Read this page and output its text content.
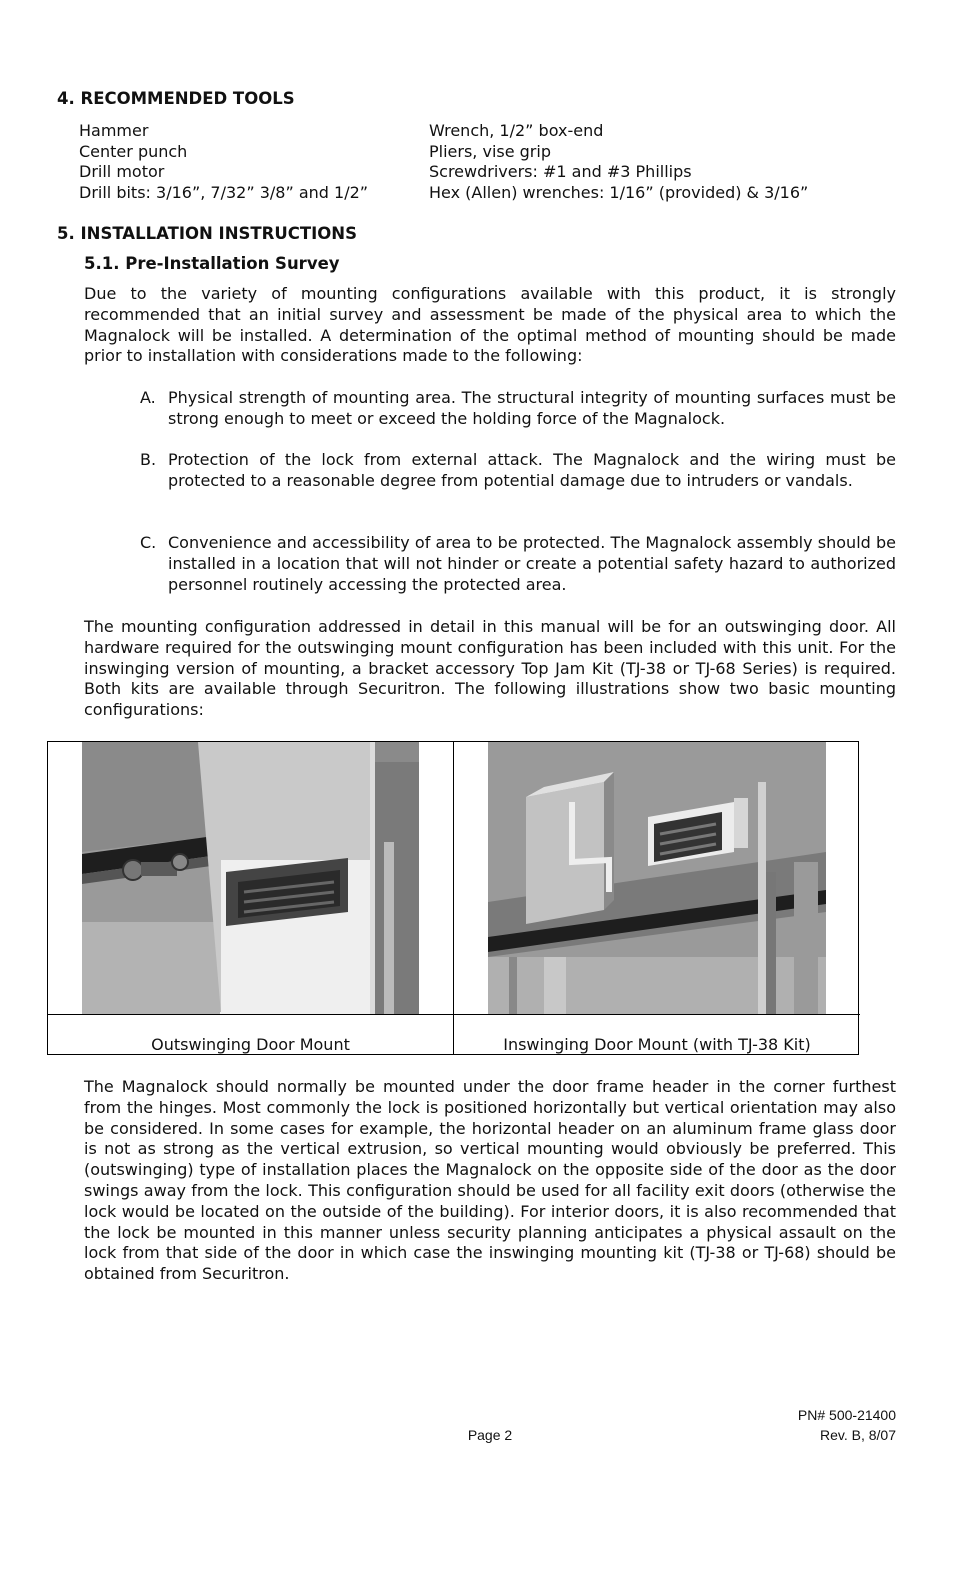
4. RECOMMENDED TOOLS
Hammer	Wrench, 1/2” box-end
Center punch	Pliers, vise grip
Drill motor	Screwdrivers: #1 and #3 Phillips
Drill bits: 3/16”, 7/32” 3/8” and 1/2”	Hex (Allen) wrenches: 1/16” (provided) & 3/16”
5. INSTALLATION INSTRUCTIONS
5.1. Pre-Installation Survey

Due to the variety of mounting configurations available with this product, it is strongly recommended that an initial survey and assessment be made of the physical area to which the Magnalock will be installed. A determination of the optimal method of mounting should be made prior to installation with considerations made to the following:

A. Physical strength of mounting area. The structural integrity of mounting surfaces must be strong enough to meet or exceed the holding force of the Magnalock.
B. Protection of the lock from external attack. The Magnalock and the wiring must be protected to a reasonable degree from potential damage due to intruders or vandals.
C. Convenience and accessibility of area to be protected. The Magnalock assembly should be installed in a location that will not hinder or create a potential safety hazard to authorized personnel routinely accessing the protected area.

The mounting configuration addressed in detail in this manual will be for an outswinging door. All hardware required for the outswinging mount configuration has been included with this unit. For the inswinging version of mounting, a bracket accessory Top Jam Kit (TJ-38 or TJ-68 Series) is required. Both kits are available through Securitron. The following illustrations show two basic mounting configurations:

Outswinging Door Mount	Inswinging Door Mount (with TJ-38 Kit)

The Magnalock should normally be mounted under the door frame header in the corner furthest from the hinges. Most commonly the lock is positioned horizontally but vertical orientation may also be considered. In some cases for example, the horizontal header on an aluminum frame glass door is not as strong as the vertical extrusion, so vertical mounting would obviously be preferred. This (outswinging) type of installation places the Magnalock on the opposite side of the door as the door swings away from the lock. This configuration should be used for all facility exit doors (otherwise the lock would be located on the outside of the building). For interior doors, it is also recommended that the lock be mounted in this manner unless security planning anticipates a physical assault on the lock from that side of the door in which case the inswinging mounting kit (TJ-38 or TJ-68) should be obtained from Securitron.

PN# 500-21400
Page 2	Rev. B, 8/07
